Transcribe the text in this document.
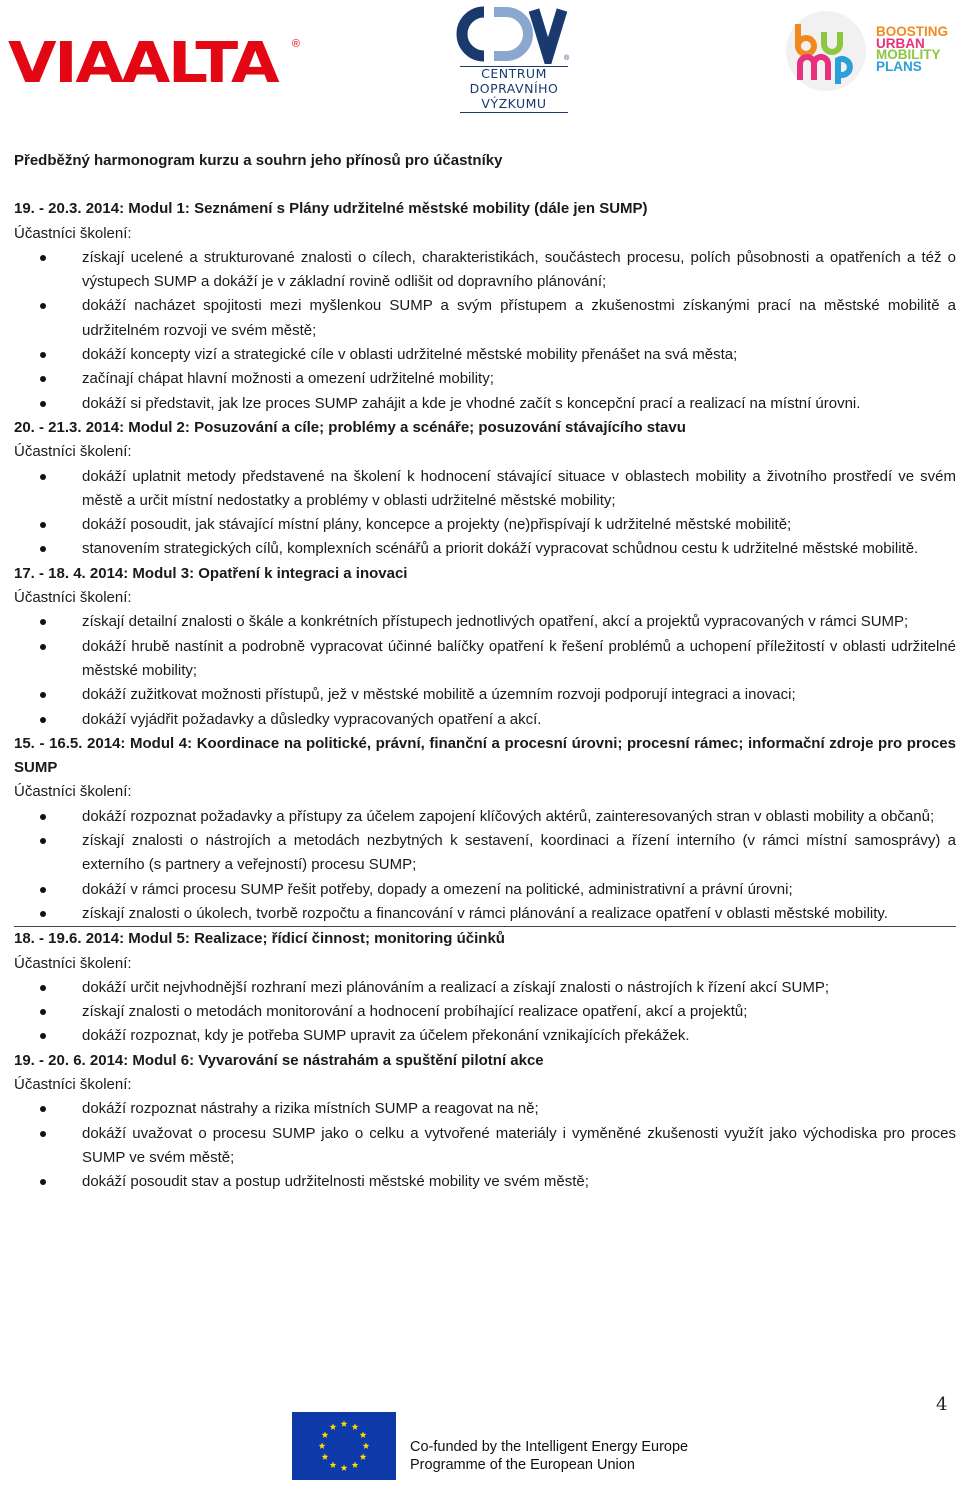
VIAALTA ®
®
CENTRUM
DOPRAVNÍHO
VÝZKUMU
BOOSTING
URBAN
MOBILITY
PLANS
Předběžný harmonogram kurzu a souhrn jeho přínosů pro účastníky
19. - 20.3. 2014: Modul 1: Seznámení s Plány udržitelné městské mobility (dále jen SUMP)
Účastníci školení:
získají ucelené a strukturované znalosti o cílech, charakteristikách, součástech procesu, polích působnosti a opatřeních a též o výstupech SUMP a dokáží je v základní rovině odlišit od dopravního plánování;
dokáží nacházet spojitosti mezi myšlenkou SUMP a svým přístupem a zkušenostmi získanými prací na městské mobilitě a udržitelném rozvoji ve svém městě;
dokáží koncepty vizí a strategické cíle v oblasti udržitelné městské mobility přenášet na svá města;
začínají chápat hlavní možnosti a omezení udržitelné mobility;
dokáží si představit, jak lze proces SUMP zahájit a kde je vhodné začít s koncepční prací a realizací na místní úrovni.
20. - 21.3. 2014: Modul 2: Posuzování a cíle; problémy a scénáře; posuzování stávajícího stavu
Účastníci školení:
dokáží uplatnit metody představené na školení k hodnocení stávající situace v oblastech mobility a životního prostředí ve svém městě a určit místní nedostatky a problémy v oblasti udržitelné městské mobility;
dokáží posoudit, jak stávající místní plány, koncepce a projekty (ne)přispívají k udržitelné městské mobilitě;
stanovením strategických cílů, komplexních scénářů a priorit dokáží vypracovat schůdnou cestu k udržitelné městské mobilitě.
17. - 18. 4. 2014: Modul 3: Opatření k integraci a inovaci
Účastníci školení:
získají detailní znalosti o škále a konkrétních přístupech jednotlivých opatření, akcí a projektů vypracovaných v rámci SUMP;
dokáží hrubě nastínit a podrobně vypracovat účinné balíčky opatření k řešení problémů a uchopení příležitostí v oblasti udržitelné městské mobility;
dokáží zužitkovat možnosti přístupů, jež v městské mobilitě a územním rozvoji podporují integraci a inovaci;
dokáží vyjádřit požadavky a důsledky vypracovaných opatření a akcí.
15. - 16.5. 2014: Modul 4: Koordinace na politické, právní, finanční a procesní úrovni; procesní rámec; informační zdroje pro proces SUMP
Účastníci školení:
dokáží rozpoznat požadavky a přístupy za účelem zapojení klíčových aktérů, zainteresovaných stran v oblasti mobility a občanů;
získají znalosti o nástrojích a metodách nezbytných k sestavení, koordinaci a řízení interního (v rámci místní samosprávy) a externího (s partnery a veřejností) procesu SUMP;
dokáží v rámci procesu SUMP řešit potřeby, dopady a omezení na politické, administrativní a právní úrovni;
získají znalosti o úkolech, tvorbě rozpočtu a financování v rámci plánování a realizace opatření v oblasti městské mobility.
18. - 19.6. 2014: Modul 5: Realizace; řídicí činnost; monitoring účinků
Účastníci školení:
dokáží určit nejvhodnější rozhraní mezi plánováním a realizací a získají znalosti o nástrojích k řízení akcí SUMP;
získají znalosti o metodách monitorování a hodnocení probíhající realizace opatření, akcí a projektů;
dokáží rozpoznat, kdy je potřeba SUMP upravit za účelem překonání vznikajících překážek.
19. - 20. 6. 2014: Modul 6: Vyvarování se nástrahám a spuštění pilotní akce
Účastníci školení:
dokáží rozpoznat nástrahy a rizika místních SUMP a reagovat na ně;
dokáží uvažovat o procesu SUMP jako o celku a vytvořené materiály i vyměněné zkušenosti využít jako východiska pro proces SUMP ve svém městě;
dokáží posoudit stav a postup udržitelnosti městské mobility ve svém městě;
4
Co-funded by the Intelligent Energy Europe
Programme of the European Union
